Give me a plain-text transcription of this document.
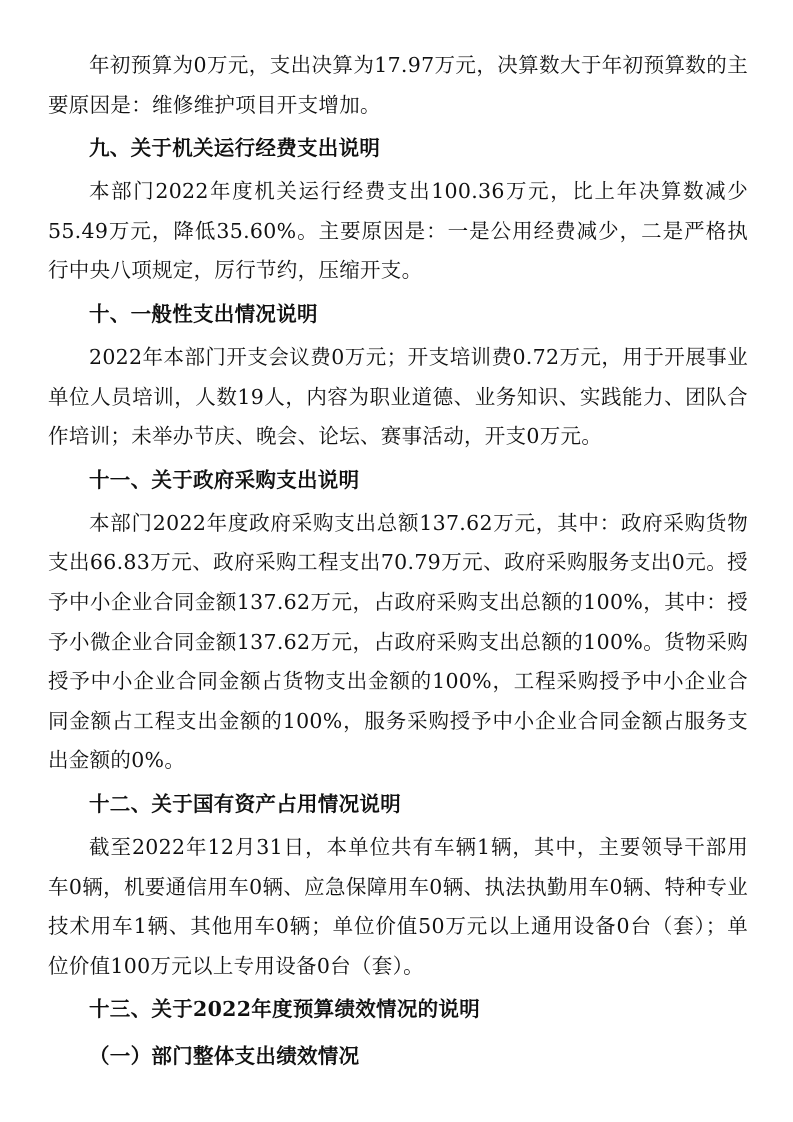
年初预算为0万元，支出决算为17.97万元，决算数大于年初预算数的主要原因是：维修维护项目开支增加。

九、关于机关运行经费支出说明

本部门2022年度机关运行经费支出100.36万元，比上年决算数减少55.49万元，降低35.60%。主要原因是：一是公用经费减少，二是严格执行中央八项规定，厉行节约，压缩开支。

十、一般性支出情况说明

2022年本部门开支会议费0万元；开支培训费0.72万元，用于开展事业单位人员培训，人数19人，内容为职业道德、业务知识、实践能力、团队合作培训；未举办节庆、晚会、论坛、赛事活动，开支0万元。

十一、关于政府采购支出说明

本部门2022年度政府采购支出总额137.62万元，其中：政府采购货物支出66.83万元、政府采购工程支出70.79万元、政府采购服务支出0元。授予中小企业合同金额137.62万元，占政府采购支出总额的100%，其中：授予小微企业合同金额137.62万元，占政府采购支出总额的100%。货物采购授予中小企业合同金额占货物支出金额的100%，工程采购授予中小企业合同金额占工程支出金额的100%，服务采购授予中小企业合同金额占服务支出金额的0%。

十二、关于国有资产占用情况说明

截至2022年12月31日，本单位共有车辆1辆，其中，主要领导干部用车0辆，机要通信用车0辆、应急保障用车0辆、执法执勤用车0辆、特种专业技术用车1辆、其他用车0辆；单位价值50万元以上通用设备0台（套）；单位价值100万元以上专用设备0台（套）。

十三、关于2022年度预算绩效情况的说明
（一）部门整体支出绩效情况
